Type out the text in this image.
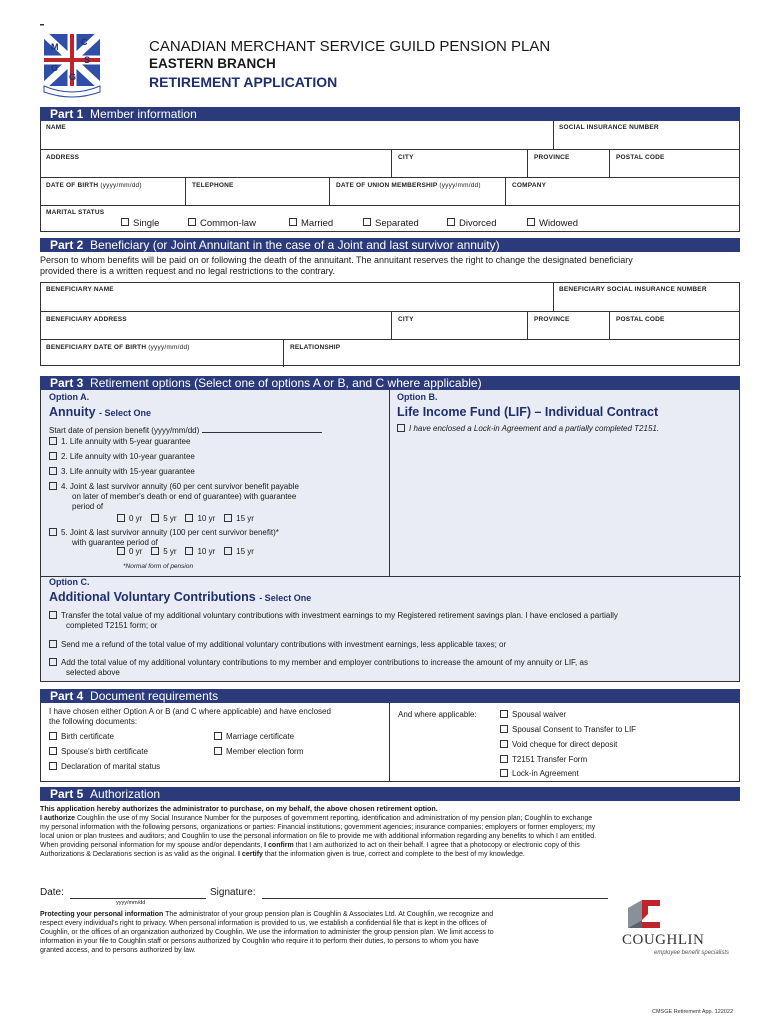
C
M
S
G
G
CANADIAN MERCHANT SERVICE GUILD PENSION PLAN
EASTERN BRANCH
RETIREMENT APPLICATION
Part 1 Member information
NAME	SOCIAL INSURANCE NUMBER
ADDRESS	CITY	PROVINCE	POSTAL CODE
DATE OF BIRTH (yyyy/mm/dd)	TELEPHONE	DATE OF UNION MEMBERSHIP (yyyy/mm/dd)	COMPANY
MARITAL STATUS
Single	Common-law	Married	Separated	Divorced	Widowed
Part 2 Beneficiary (or Joint Annuitant in the case of a Joint and last survivor annuity)
Person to whom benefits will be paid on or following the death of the annuitant. The annuitant reserves the right to change the designated beneficiary
provided there is a written request and no legal restrictions to the contrary.
BENEFICIARY NAME	BENEFICIARY SOCIAL INSURANCE NUMBER
BENEFICIARY ADDRESS	CITY	PROVINCE	POSTAL CODE
BENEFICIARY DATE OF BIRTH (yyyy/mm/dd)	RELATIONSHIP
Part 3 Retirement options (Select one of options A or B, and C where applicable)
Option A.
Annuity - Select One
Start date of pension benefit (yyyy/mm/dd)
1. Life annuity with 5-year guarantee
2. Life annuity with 10-year guarantee
3. Life annuity with 15-year guarantee
4. Joint & last survivor annuity (60 per cent survivor benefit payable
on later of member's death or end of guarantee) with guarantee
period of
0 yr	5 yr	10 yr	15 yr
5. Joint & last survivor annuity (100 per cent survivor benefit)*
with guarantee period of
0 yr	5 yr	10 yr	15 yr
*Normal form of pension
Option B.
Life Income Fund (LIF) – Individual Contract
I have enclosed a Lock-in Agreement and a partially completed T2151.
Option C.
Additional Voluntary Contributions - Select One
Transfer the total value of my additional voluntary contributions with investment earnings to my Registered retirement savings plan. I have enclosed a partially
completed T2151 form; or
Send me a refund of the total value of my additional voluntary contributions with investment earnings, less applicable taxes; or
Add the total value of my additional voluntary contributions to my member and employer contributions to increase the amount of my annuity or LIF, as
selected above
Part 4 Document requirements
I have chosen either Option A or B (and C where applicable) and have enclosed
the following documents:
Birth certificate
Spouse's birth certificate
Declaration of marital status
Marriage certificate
Member election form
And where applicable:	Spousal waiver
Spousal Consent to Transfer to LIF
Void cheque for direct deposit
T2151 Transfer Form
Lock-in Agreement
Part 5 Authorization
This application hereby authorizes the administrator to purchase, on my behalf, the above chosen retirement option.
I authorize Coughlin the use of my Social Insurance Number for the purposes of government reporting, identification and administration of my pension plan; Coughlin to exchange
my personal information with the following persons, organizations or parties: Financial institutions; government agencies; insurance companies; employers or former employers; my
local union or plan trustees and auditors; and Coughlin to use the personal information on file to provide me with additional information regarding any benefits to which I am entitled.
When providing personal information for my spouse and/or dependants, I confirm that I am authorized to act on their behalf. I agree that a photocopy or electronic copy of this
Authorizations & Declarations section is as valid as the original. I certify that the information given is true, correct and complete to the best of my knowledge.
Date:
yyyy/mm/dd
Signature:
Protecting your personal information The administrator of your group pension plan is Coughlin & Associates Ltd. At Coughlin, we recognize and
respect every individual's right to privacy. When personal information is provided to us, we establish a confidential file that is kept in the offices of
Coughlin, or the offices of an organization authorized by Coughlin. We use the information to administer the group pension plan. We limit access to
information in your file to Coughlin staff or persons authorized by Coughlin who require it to perform their duties, to persons to whom you have
granted access, and to persons authorized by law.
COUGHLIN
employee benefit specialists
CMSGE Retirement App. 122022
